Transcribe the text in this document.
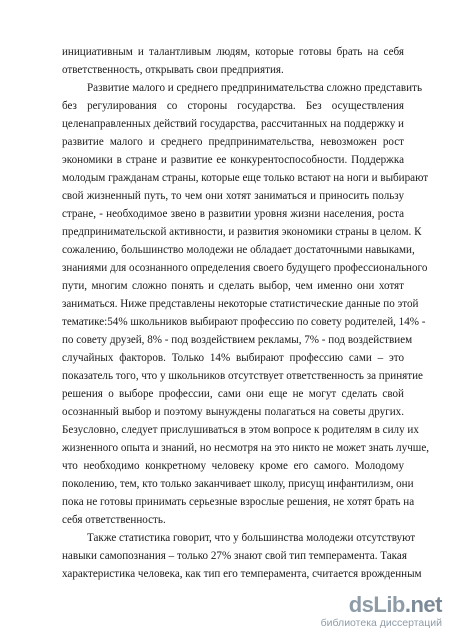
инициативным и талантливым людям, которые готовы брать на себя
ответственность, открывать свои предприятия.
Развитие малого и среднего предпринимательства сложно представить
без регулирования со стороны государства. Без осуществления
целенаправленных действий государства, рассчитанных на поддержку и
развитие малого и среднего предпринимательства, невозможен рост
экономики в стране и развитие ее конкурентоспособности. Поддержка
молодым гражданам страны, которые еще только встают на ноги и выбирают
свой жизненный путь, то чем они хотят заниматься и приносить пользу
стране, - необходимое звено в развитии уровня жизни населения, роста
предпринимательской активности, и развития экономики страны в целом. К
сожалению, большинство молодежи не обладает достаточными навыками,
знаниями для осознанного определения своего будущего профессионального
пути, многим сложно понять и сделать выбор, чем именно они хотят
заниматься. Ниже представлены некоторые статистические данные по этой
тематике:54% школьников выбирают профессию по совету родителей, 14% -
по совету друзей, 8% - под воздействием рекламы, 7% - под воздействием
случайных факторов. Только 14% выбирают профессию сами – это
показатель того, что у школьников отсутствует ответственность за принятие
решения о выборе профессии, сами они еще не могут сделать свой
осознанный выбор и поэтому вынуждены полагаться на советы других.
Безусловно, следует прислушиваться в этом вопросе к родителям в силу их
жизненного опыта и знаний, но несмотря на это никто не может знать лучше,
что необходимо конкретному человеку кроме его самого. Молодому
поколению, тем, кто только заканчивает школу, присущ инфантилизм, они
пока не готовы принимать серьезные взрослые решения, не хотят брать на
себя ответственность.
Также статистика говорит, что у большинства молодежи отсутствуют
навыки самопознания – только 27% знают свой тип темперамента. Такая
характеристика человека, как тип его темперамента, считается врожденным
dsLib.net
библиотека диссертаций
